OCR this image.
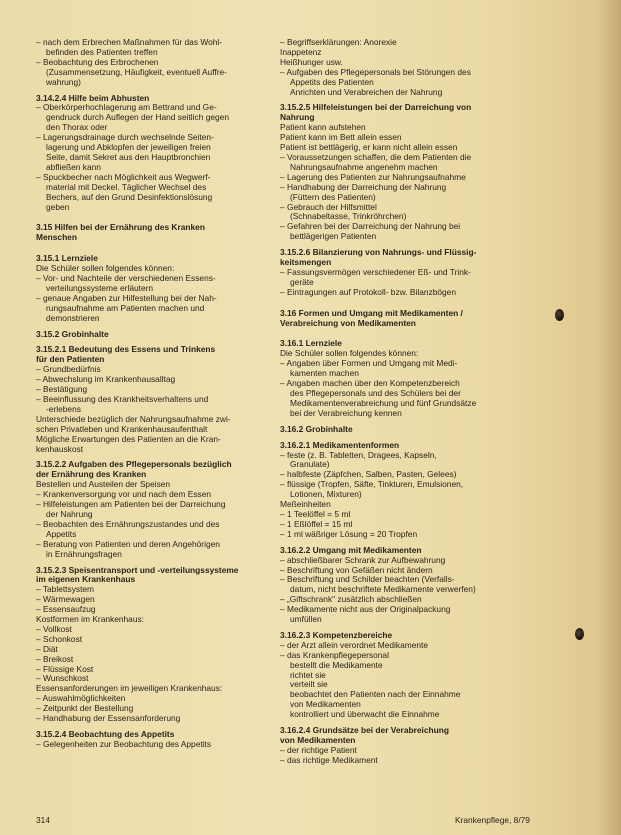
– nach dem Erbrechen Maßnahmen für das Wohl-
befinden des Patienten treffen
– Beobachtung des Erbrochenen
(Zusammensetzung, Häufigkeit, eventuell Auffre-
wahrung)
3.14.2.4 Hilfe beim Abhusten
– Oberkörperhochlagerung am Bettrand und Ge-
gendruck durch Auflegen der Hand seitlich gegen
den Thorax oder
– Lagerungsdrainage durch wechselnde Seiten-
lagerung und Abklopfen der jeweiligen freien
Seite, damit Sekret aus den Hauptbronchien
abfließen kann
– Spuckbecher nach Möglichkeit aus Wegwerf-
material mit Deckel. Täglicher Wechsel des
Bechers, auf den Grund Desinfektionslösung
geben
3.15 Hilfen bei der Ernährung des Kranken
Menschen
3.15.1 Lernziele
Die Schüler sollen folgendes können:
– Vor- und Nachteile der verschiedenen Essens-
verteilungssysteme erläutern
– genaue Angaben zur Hilfestellung bei der Nah-
rungsaufnahme am Patienten machen und
demonstrieren
3.15.2 Grobinhalte
3.15.2.1 Bedeutung des Essens und Trinkens
für den Patienten
– Grundbedürfnis
– Abwechslung im Krankenhausalltag
– Bestätigung
– Beeinflussung des Krankheitsverhaltens und
-erlebens
Unterschiede bezüglich der Nahrungsaufnahme zwi-
schen Privatleben und Krankenhausaufenthalt
Mögliche Erwartungen des Patienten an die Kran-
kenhauskost
3.15.2.2 Aufgaben des Pflegepersonals bezüglich
der Ernährung des Kranken
Bestellen und Austeilen der Speisen
– Krankenversorgung vor und nach dem Essen
– Hilfeleistungen am Patienten bei der Darreichung
der Nahrung
– Beobachten des Ernährungszustandes und des
Appetits
– Beratung von Patienten und deren Angehörigen
in Ernährungsfragen
3.15.2.3 Speisentransport und -verteilungssysteme
im eigenen Krankenhaus
– Tablettsystem
– Wärmewagen
– Essensaufzug
Kostformen im Krankenhaus:
– Vollkost
– Schonkost
– Diät
– Breikost
– Flüssige Kost
– Wunschkost
Essensanforderungen im jeweiligen Krankenhaus:
– Auswahlmöglichkeiten
– Zeitpunkt der Bestellung
– Handhabung der Essensanforderung
3.15.2.4 Beobachtung des Appetits
– Gelegenheiten zur Beobachtung des Appetits
– Begriffserklärungen: Anorexie
Inappetenz
Heißhunger usw.
– Aufgaben des Pflegepersonals bei Störungen des
Appetits des Patienten
Anrichten und Verabreichen der Nahrung
3.15.2.5 Hilfeleistungen bei der Darreichung von
Nahrung
Patient kann aufstehen
Patient kann im Bett allein essen
Patient ist bettlägerig, er kann nicht allein essen
– Voraussetzungen schaffen, die dem Patienten die
Nahrungsaufnahme angenehm machen
– Lagerung des Patienten zur Nahrungsaufnahme
– Handhabung der Darreichung der Nahrung
(Füttern des Patienten)
– Gebrauch der Hilfsmittel
(Schnabeltasse, Trinkröhrchen)
– Gefahren bei der Darreichung der Nahrung bei
bettlägerigen Patienten
3.15.2.6 Bilanzierung von Nahrungs- und Flüssig-
keitsmengen
– Fassungsvermögen verschiedener Eß- und Trink-
geräte
– Eintragungen auf Protokoll- bzw. Bilanzbögen
3.16 Formen und Umgang mit Medikamenten /
Verabreichung von Medikamenten
3.16.1 Lernziele
Die Schüler sollen folgendes können:
– Angaben über Formen und Umgang mit Medi-
kamenten machen
– Angaben machen über den Kompetenzbereich
des Pflegepersonals und des Schülers bei der
Medikamentenverabreichung und fünf Grundsätze
bei der Verabreichung kennen
3.16.2 Grobinhalte
3.16.2.1 Medikamentenformen
– feste (z. B. Tabletten, Dragees, Kapseln,
Granulate)
– halbfeste (Zäpfchen, Salben, Pasten, Gelees)
– flüssige (Tropfen, Säfte, Tinkturen, Emulsionen,
Lotionen, Mixturen)
Meßeinheiten
– 1 Teelöffel = 5 ml
– 1 Eßlöffel = 15 ml
– 1 ml wäßriger Lösung = 20 Tropfen
3.16.2.2 Umgang mit Medikamenten
– abschließbarer Schrank zur Aufbewahrung
– Beschriftung von Gefäßen nicht ändern
– Beschriftung und Schilder beachten (Verfalls-
datum, nicht beschriftete Medikamente verwerfen)
– „Giftschrank" zusätzlich abschließen
– Medikamente nicht aus der Originalpackung
umfüllen
3.16.2.3 Kompetenzbereiche
– der Arzt allein verordnet Medikamente
– das Krankenpflegepersonal
bestellt die Medikamente
richtet sie
verteilt sie
beobachtet den Patienten nach der Einnahme
von Medikamenten
kontrolliert und überwacht die Einnahme
3.16.2.4 Grundsätze bei der Verabreichung
von Medikamenten
– der richtige Patient
– das richtige Medikament
314	Krankenpflege, 8/79
